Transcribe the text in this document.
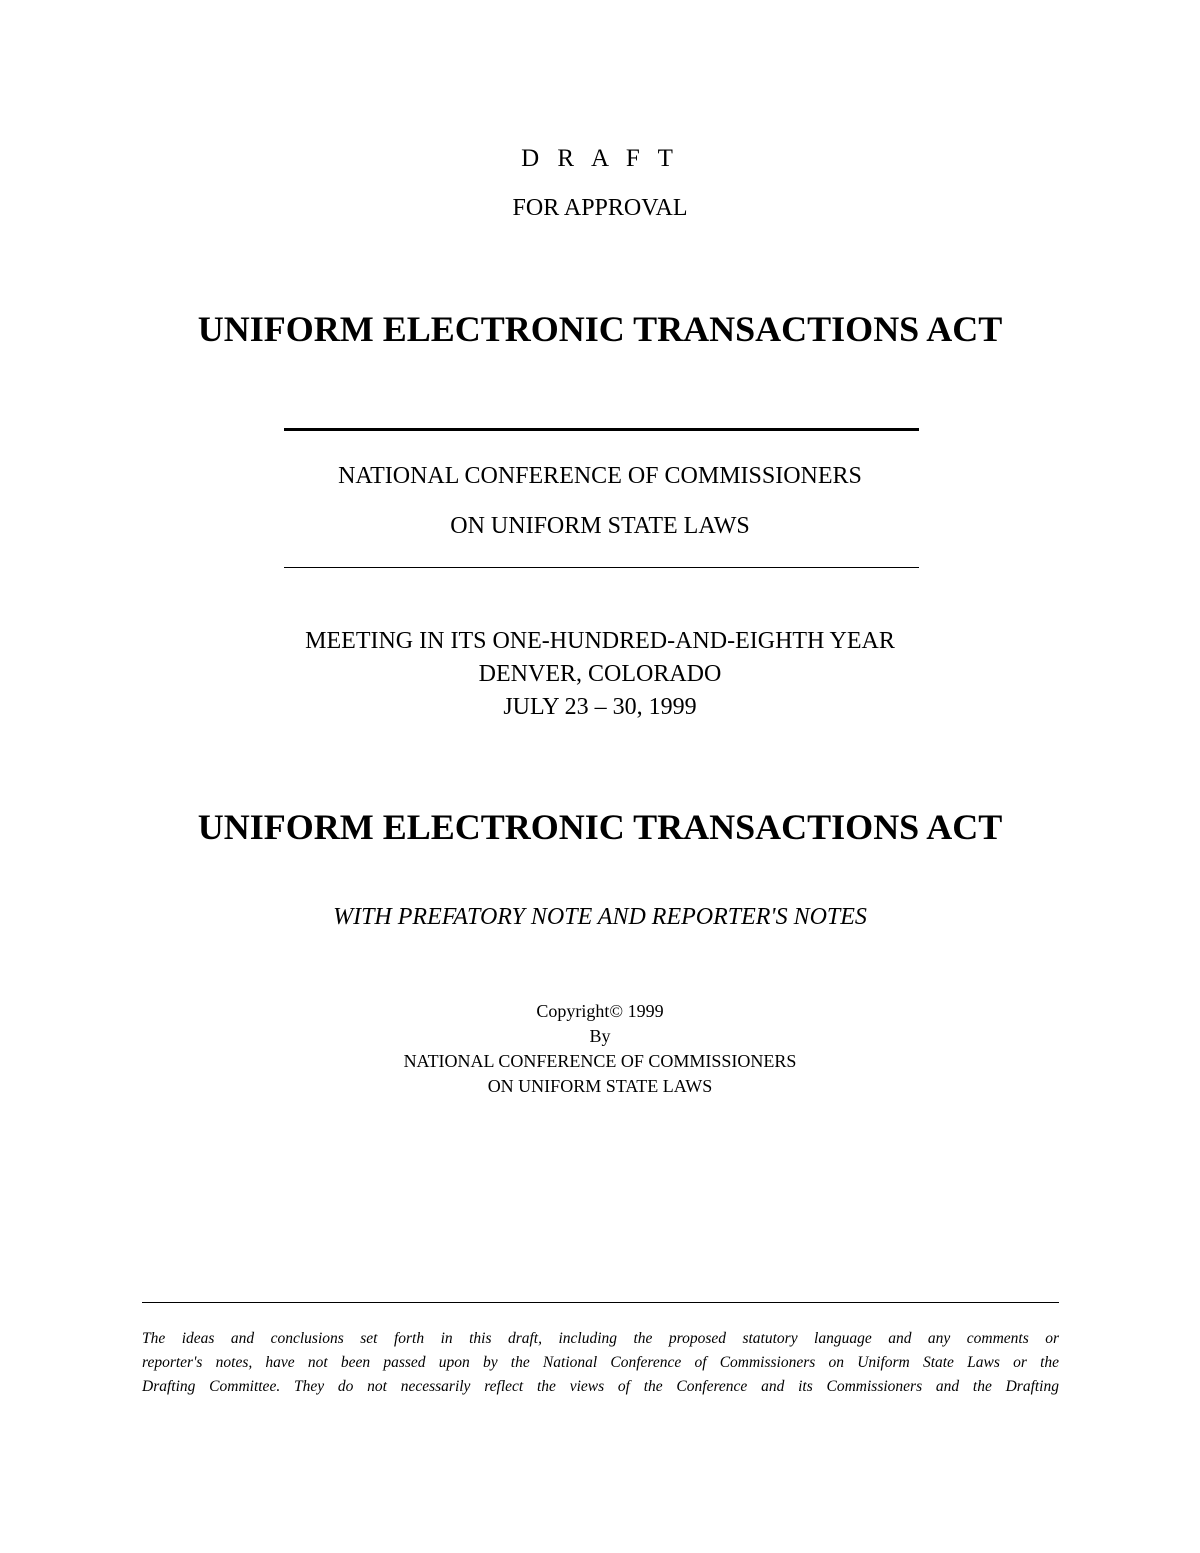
D R A F T
FOR APPROVAL
UNIFORM ELECTRONIC TRANSACTIONS ACT
NATIONAL CONFERENCE OF COMMISSIONERS
ON UNIFORM STATE LAWS
MEETING IN ITS ONE-HUNDRED-AND-EIGHTH YEAR
DENVER, COLORADO
JULY 23 – 30, 1999
UNIFORM ELECTRONIC TRANSACTIONS ACT
WITH PREFATORY NOTE AND REPORTER'S NOTES
Copyright© 1999
By
NATIONAL CONFERENCE OF COMMISSIONERS
ON UNIFORM STATE LAWS
The ideas and conclusions set forth in this draft, including the proposed statutory language and any comments or
reporter's notes, have not been passed upon by the National Conference of Commissioners on Uniform State Laws or the
Drafting Committee. They do not necessarily reflect the views of the Conference and its Commissioners and the Drafting
